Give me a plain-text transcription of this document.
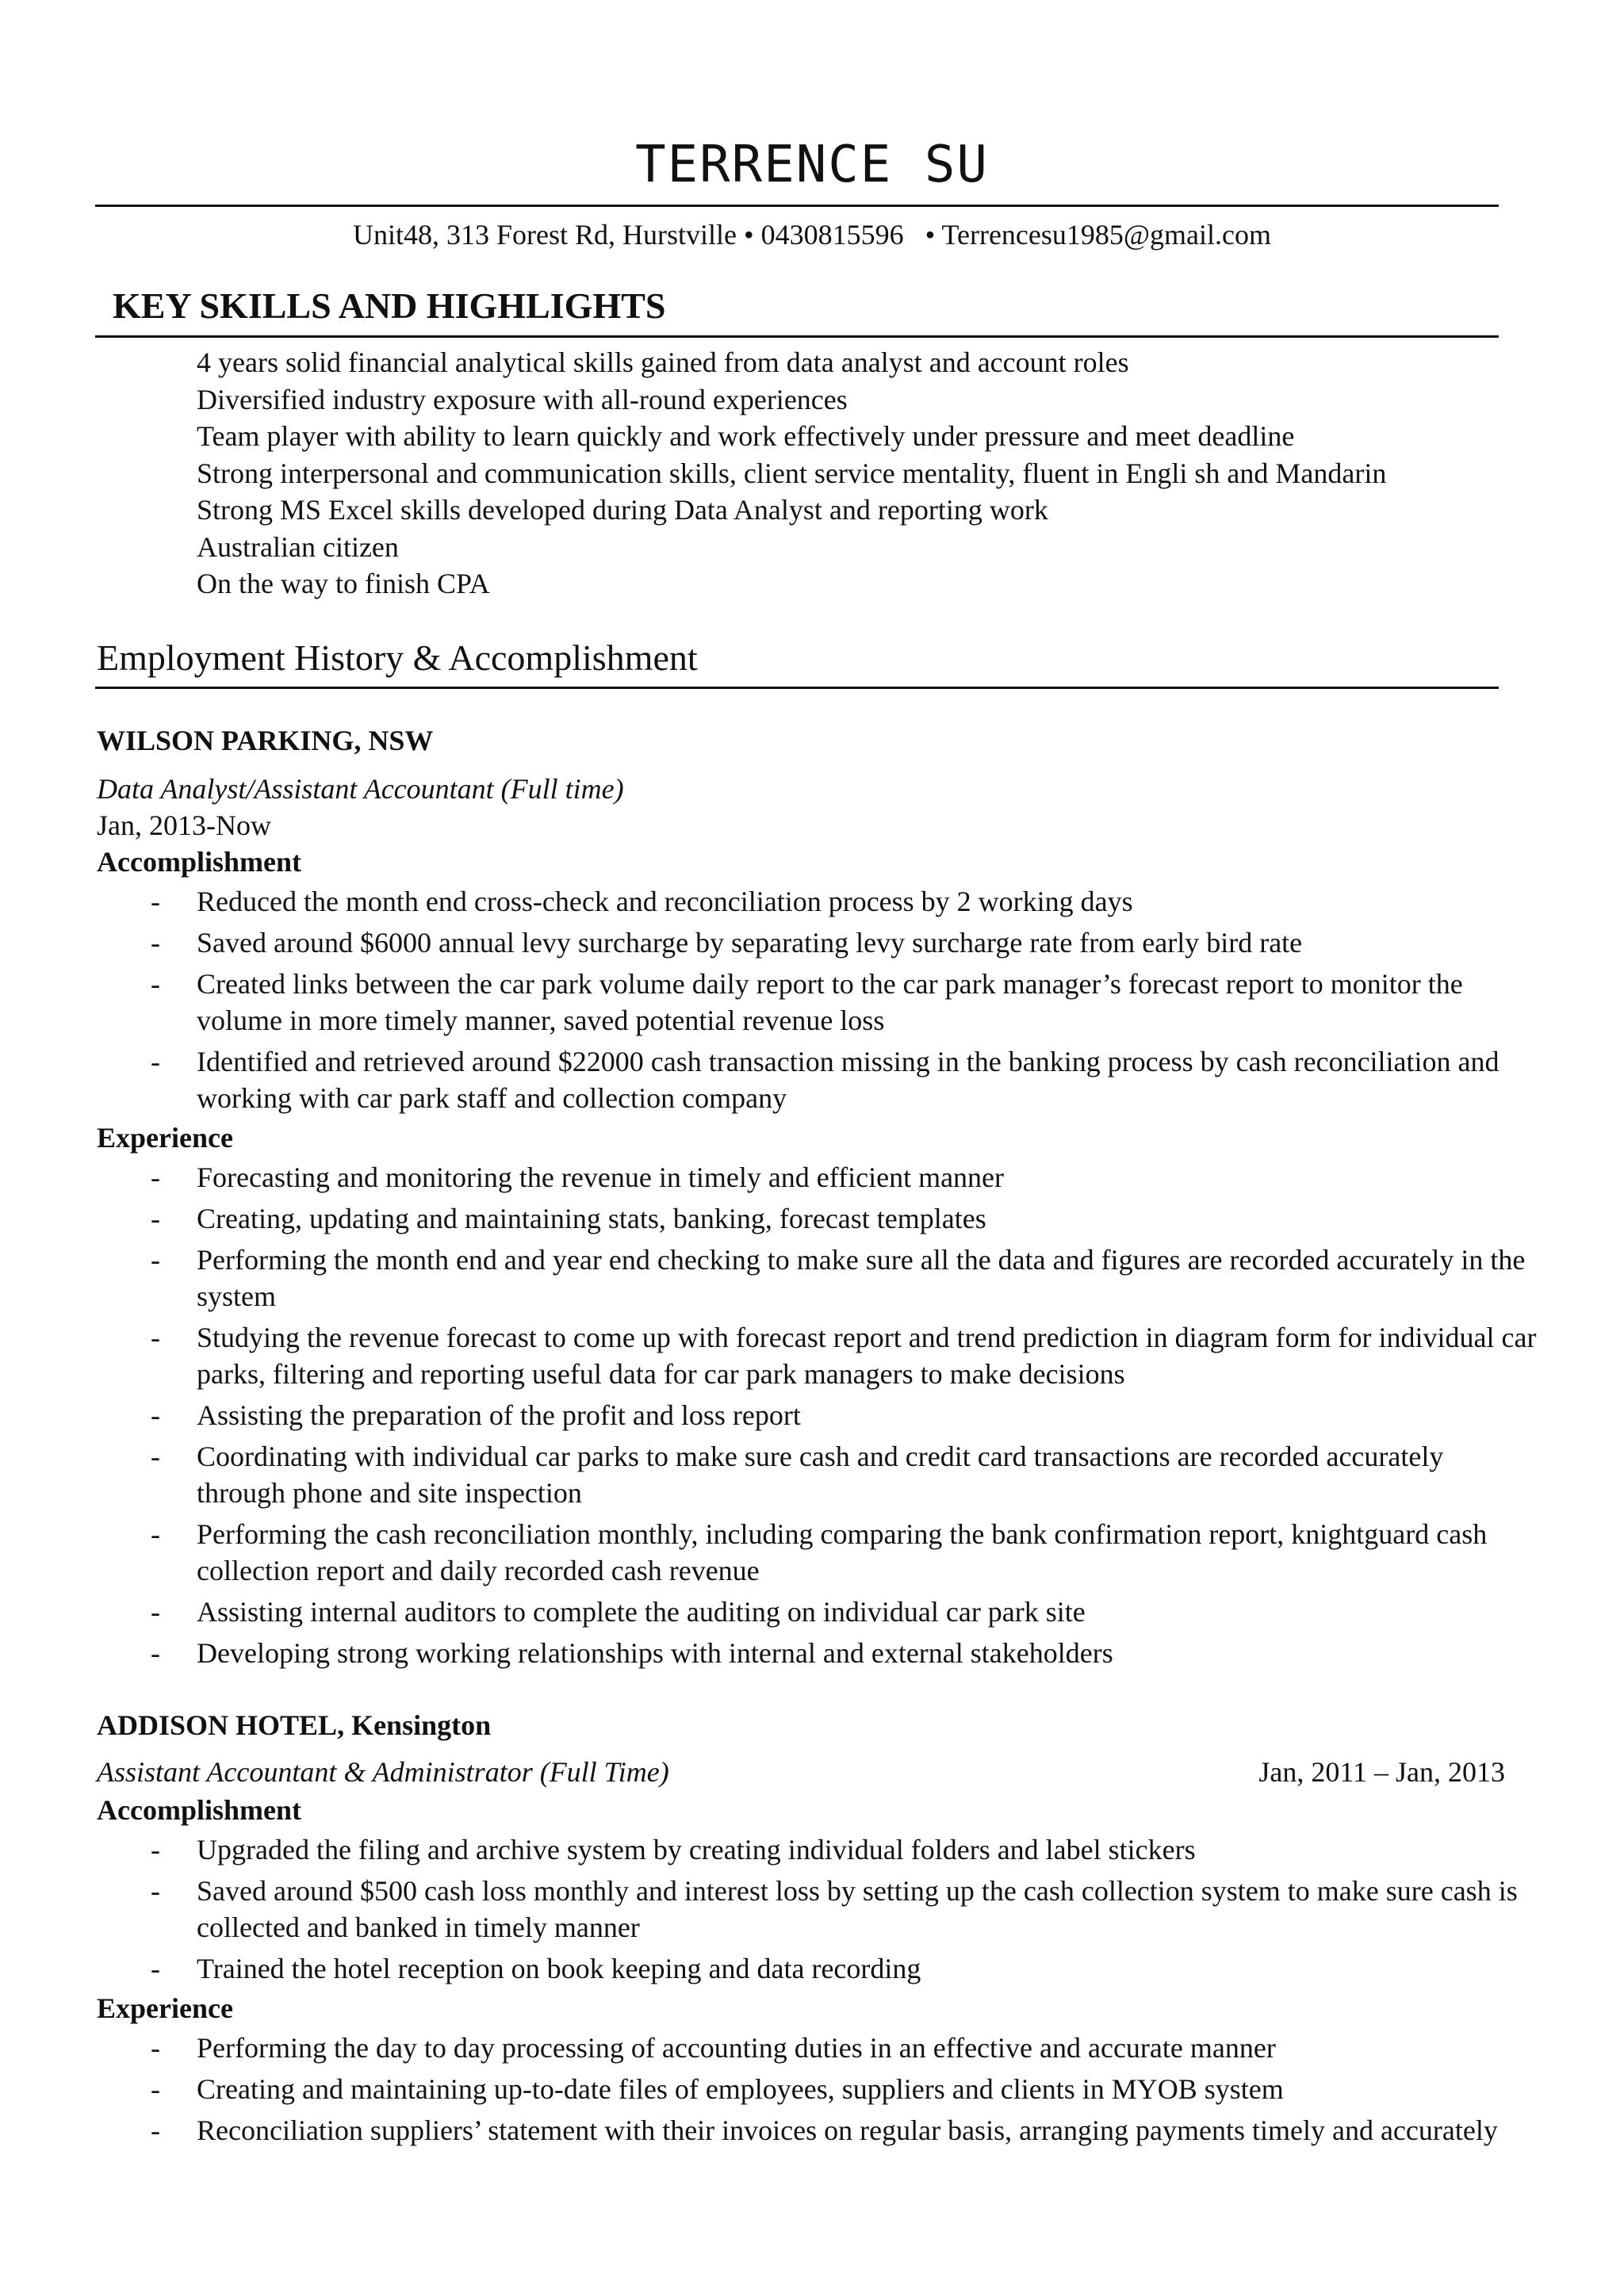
TERRENCE SU
Unit48, 313 Forest Rd, Hurstville • 0430815596   • Terrencesu1985@gmail.com
KEY SKILLS AND HIGHLIGHTS
4 years solid financial analytical skills gained from data analyst and account roles
Diversified industry exposure with all-round experiences
Team player with ability to learn quickly and work effectively under pressure and meet deadline
Strong interpersonal and communication skills, client service mentality, fluent in Engli sh and Mandarin
Strong MS Excel skills developed during Data Analyst and reporting work
Australian citizen
On the way to finish CPA
Employment History & Accomplishment
WILSON PARKING, NSW
Data Analyst/Assistant Accountant (Full time)
Jan, 2013-Now
Accomplishment
- Reduced the month end cross-check and reconciliation process by 2 working days
- Saved around $6000 annual levy surcharge by separating levy surcharge rate from early bird rate
- Created links between the car park volume daily report to the car park manager’s forecast report to monitor the volume in more timely manner, saved potential revenue loss
- Identified and retrieved around $22000 cash transaction missing in the banking process by cash reconciliation and working with car park staff and collection company
Experience
- Forecasting and monitoring the revenue in timely and efficient manner
- Creating, updating and maintaining stats, banking, forecast templates
- Performing the month end and year end checking to make sure all the data and figures are recorded accurately in the system
- Studying the revenue forecast to come up with forecast report and trend prediction in diagram form for individual car parks, filtering and reporting useful data for car park managers to make decisions
- Assisting the preparation of the profit and loss report
- Coordinating with individual car parks to make sure cash and credit card transactions are recorded accurately through phone and site inspection
- Performing the cash reconciliation monthly, including comparing the bank confirmation report, knightguard cash collection report and daily recorded cash revenue
- Assisting internal auditors to complete the auditing on individual car park site
- Developing strong working relationships with internal and external stakeholders
ADDISON HOTEL, Kensington
Assistant Accountant & Administrator (Full Time)	Jan, 2011 – Jan, 2013
Accomplishment
- Upgraded the filing and archive system by creating individual folders and label stickers
- Saved around $500 cash loss monthly and interest loss by setting up the cash collection system to make sure cash is collected and banked in timely manner
- Trained the hotel reception on book keeping and data recording
Experience
- Performing the day to day processing of accounting duties in an effective and accurate manner
- Creating and maintaining up-to-date files of employees, suppliers and clients in MYOB system
- Reconciliation suppliers’ statement with their invoices on regular basis, arranging payments timely and accurately
